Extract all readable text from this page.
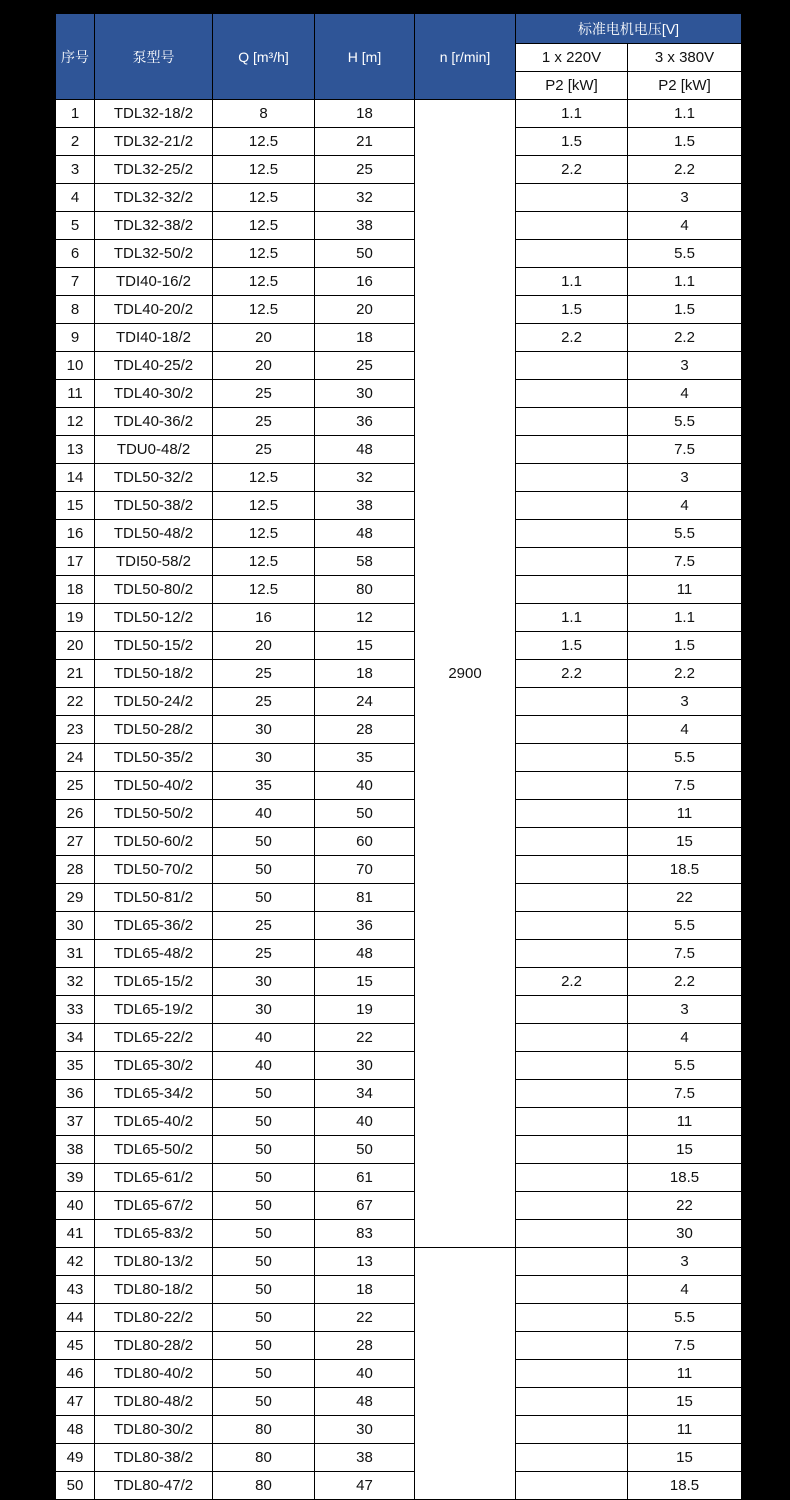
序号	泵型号	Q [m³/h]	H [m]	n [r/min]	标准电机电压[V]	
					1 x 220V	3 x 380V
					P2 [kW]	P2 [kW]
1	TDL32-18/2	8	18	2900	1.1	1.1
2	TDL32-21/2	12.5	21		1.5	1.5
3	TDL32-25/2	12.5	25		2.2	2.2
4	TDL32-32/2	12.5	32			3
5	TDL32-38/2	12.5	38			4
6	TDL32-50/2	12.5	50			5.5
7	TDI40-16/2	12.5	16		1.1	1.1
8	TDL40-20/2	12.5	20		1.5	1.5
9	TDI40-18/2	20	18		2.2	2.2
10	TDL40-25/2	20	25			3
11	TDL40-30/2	25	30			4
12	TDL40-36/2	25	36			5.5
13	TDU0-48/2	25	48			7.5
14	TDL50-32/2	12.5	32			3
15	TDL50-38/2	12.5	38			4
16	TDL50-48/2	12.5	48			5.5
17	TDI50-58/2	12.5	58			7.5
18	TDL50-80/2	12.5	80			11
19	TDL50-12/2	16	12		1.1	1.1
20	TDL50-15/2	20	15		1.5	1.5
21	TDL50-18/2	25	18		2.2	2.2
22	TDL50-24/2	25	24			3
23	TDL50-28/2	30	28			4
24	TDL50-35/2	30	35			5.5
25	TDL50-40/2	35	40			7.5
26	TDL50-50/2	40	50			11
27	TDL50-60/2	50	60			15
28	TDL50-70/2	50	70			18.5
29	TDL50-81/2	50	81			22
30	TDL65-36/2	25	36			5.5
31	TDL65-48/2	25	48			7.5
32	TDL65-15/2	30	15		2.2	2.2
33	TDL65-19/2	30	19			3
34	TDL65-22/2	40	22			4
35	TDL65-30/2	40	30			5.5
36	TDL65-34/2	50	34			7.5
37	TDL65-40/2	50	40			11
38	TDL65-50/2	50	50			15
39	TDL65-61/2	50	61			18.5
40	TDL65-67/2	50	67			22
41	TDL65-83/2	50	83			30
42	TDL80-13/2	50	13			3
43	TDL80-18/2	50	18			4
44	TDL80-22/2	50	22			5.5
45	TDL80-28/2	50	28			7.5
46	TDL80-40/2	50	40			11
47	TDL80-48/2	50	48			15
48	TDL80-30/2	80	30			11
49	TDL80-38/2	80	38			15
50	TDL80-47/2	80	47			18.5
